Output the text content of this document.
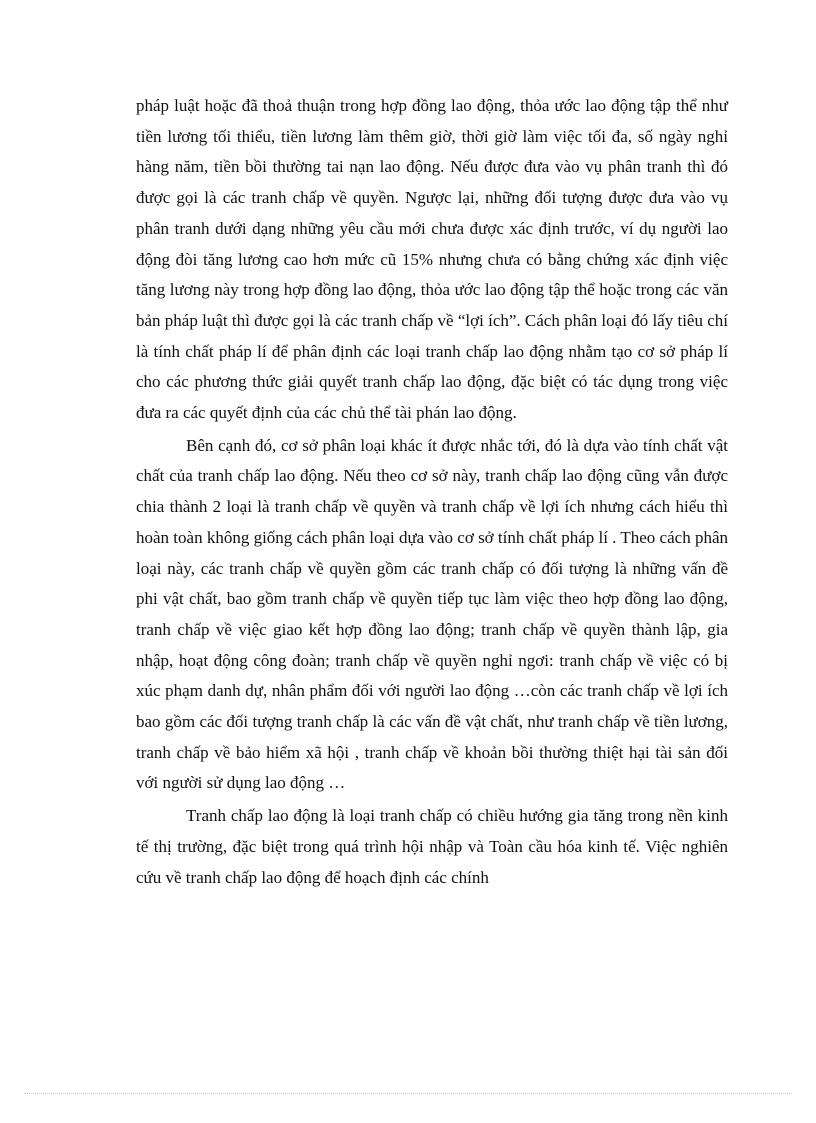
pháp luật hoặc đã thoả thuận trong hợp đồng lao động, thỏa ước lao động tập thể như tiền lương tối thiểu, tiền lương làm thêm giờ, thời giờ làm việc tối đa, số ngày nghỉ hàng năm, tiền bồi thường tai nạn lao động. Nếu được đưa vào vụ phân tranh thì đó được gọi là các tranh chấp về quyền. Ngược lại, những đối tượng được đưa vào vụ phân tranh dưới dạng những yêu cầu mới chưa được xác định trước, ví dụ người lao động đòi tăng lương cao hơn mức cũ 15% nhưng chưa có bằng chứng xác định việc tăng lương này trong hợp đồng lao động, thỏa ước lao động tập thể hoặc trong các văn bản pháp luật thì được gọi là các tranh chấp về “lợi ích”. Cách phân loại đó lấy tiêu chí là tính chất pháp lí để phân định các loại tranh chấp lao động nhằm tạo cơ sở pháp lí cho các phương thức giải quyết tranh chấp lao động, đặc biệt có tác dụng trong việc đưa ra các quyết định của các chủ thể tài phán lao động.

Bên cạnh đó, cơ sở phân loại khác ít được nhắc tới, đó là dựa vào tính chất vật chất của tranh chấp lao động. Nếu theo cơ sở này, tranh chấp lao động cũng vẫn được chia thành 2 loại là tranh chấp về quyền và tranh chấp về lợi ích nhưng cách hiểu thì hoàn toàn không giống cách phân loại dựa vào cơ sở tính chất pháp lí . Theo cách phân loại này, các tranh chấp về quyền gồm các tranh chấp có đối tượng là những vấn đề phi vật chất, bao gồm tranh chấp về quyền tiếp tục làm việc theo hợp đồng lao động, tranh chấp về việc giao kết hợp đồng lao động; tranh chấp về quyền thành lập, gia nhập, hoạt động công đoàn; tranh chấp về quyền nghỉ ngơi: tranh chấp về việc có bị xúc phạm danh dự, nhân phẩm đối với người lao động …còn các tranh chấp về lợi ích bao gồm các đối tượng tranh chấp là các vấn đề vật chất, như tranh chấp về tiền lương, tranh chấp về bảo hiểm xã hội , tranh chấp về khoản bồi thường thiệt hại tài sản đối với người sử dụng lao động …

Tranh chấp lao động là loại tranh chấp có chiều hướng gia tăng trong nền kinh tế thị trường, đặc biệt trong quá trình hội nhập và Toàn cầu hóa kinh tế. Việc nghiên cứu về tranh chấp lao động để hoạch định các chính
